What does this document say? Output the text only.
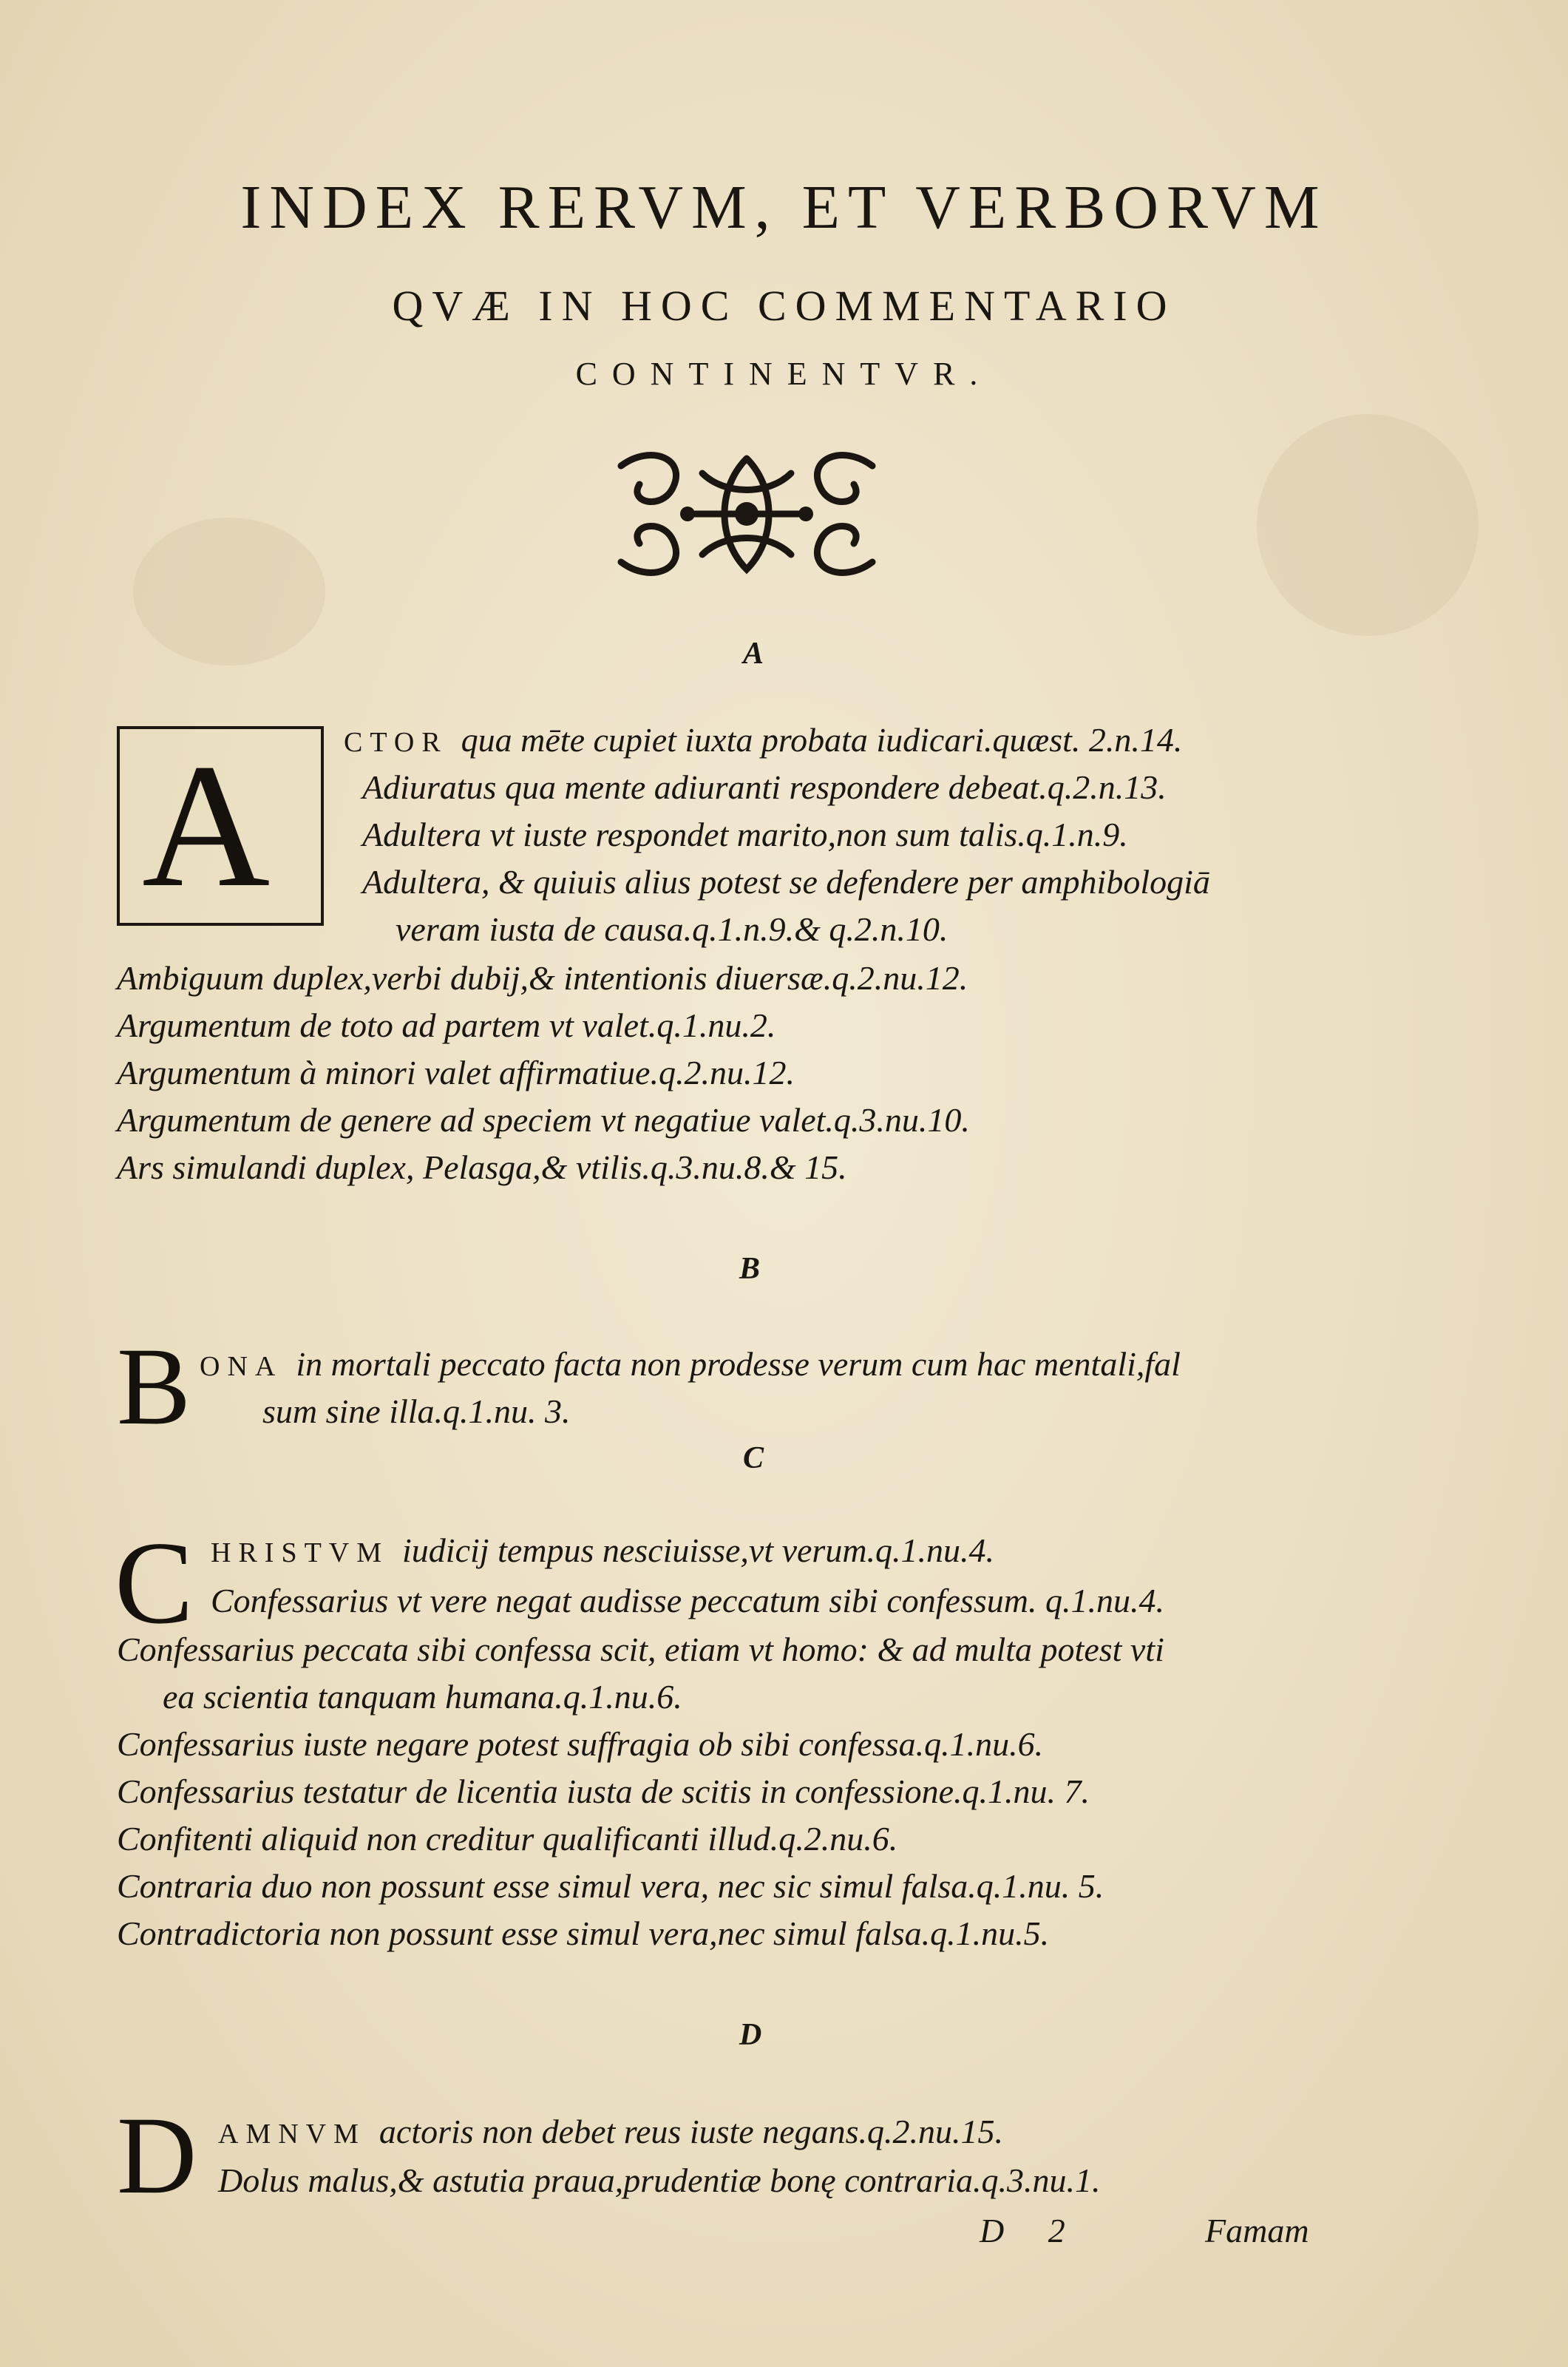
INDEX RERVM, ET VERBORVM
QVÆ IN HOC COMMENTARIO
CONTINENTVR.
A
A	CTOR qua mēte cupiet iuxta probata iudicari.quæst. 2.n.14.
Adiuratus qua mente adiuranti respondere debeat.q.2.n.13.
Adultera vt iuste respondet marito,non sum talis.q.1.n.9.
Adultera, & quiuis alius potest se defendere per amphibologiā
veram iusta de causa.q.1.n.9.& q.2.n.10.
Ambiguum duplex,verbi dubij,& intentionis diuersæ.q.2.nu.12.
Argumentum de toto ad partem vt valet.q.1.nu.2.
Argumentum à minori valet affirmatiue.q.2.nu.12.
Argumentum de genere ad speciem vt negatiue valet.q.3.nu.10.
Ars simulandi duplex, Pelasga,& vtilis.q.3.nu.8.& 15.
B
B ONA in mortali peccato facta non prodesse verum cum hac mentali,fal
sum sine illa.q.1.nu. 3.
C
C HRISTVM iudicij tempus nesciuisse,vt verum.q.1.nu.4.
Confessarius vt vere negat audisse peccatum sibi confessum. q.1.nu.4.
Confessarius peccata sibi confessa scit, etiam vt homo: & ad multa potest vti
ea scientia tanquam humana.q.1.nu.6.
Confessarius iuste negare potest suffragia ob sibi confessa.q.1.nu.6.
Confessarius testatur de licentia iusta de scitis in confessione.q.1.nu. 7.
Confitenti aliquid non creditur qualificanti illud.q.2.nu.6.
Contraria duo non possunt esse simul vera, nec sic simul falsa.q.1.nu. 5.
Contradictoria non possunt esse simul vera,nec simul falsa.q.1.nu.5.
D
D AMNVM actoris non debet reus iuste negans.q.2.nu.15.
Dolus malus,& astutia praua,prudentiæ bonę contraria.q.3.nu.1.
D 2	Famam
